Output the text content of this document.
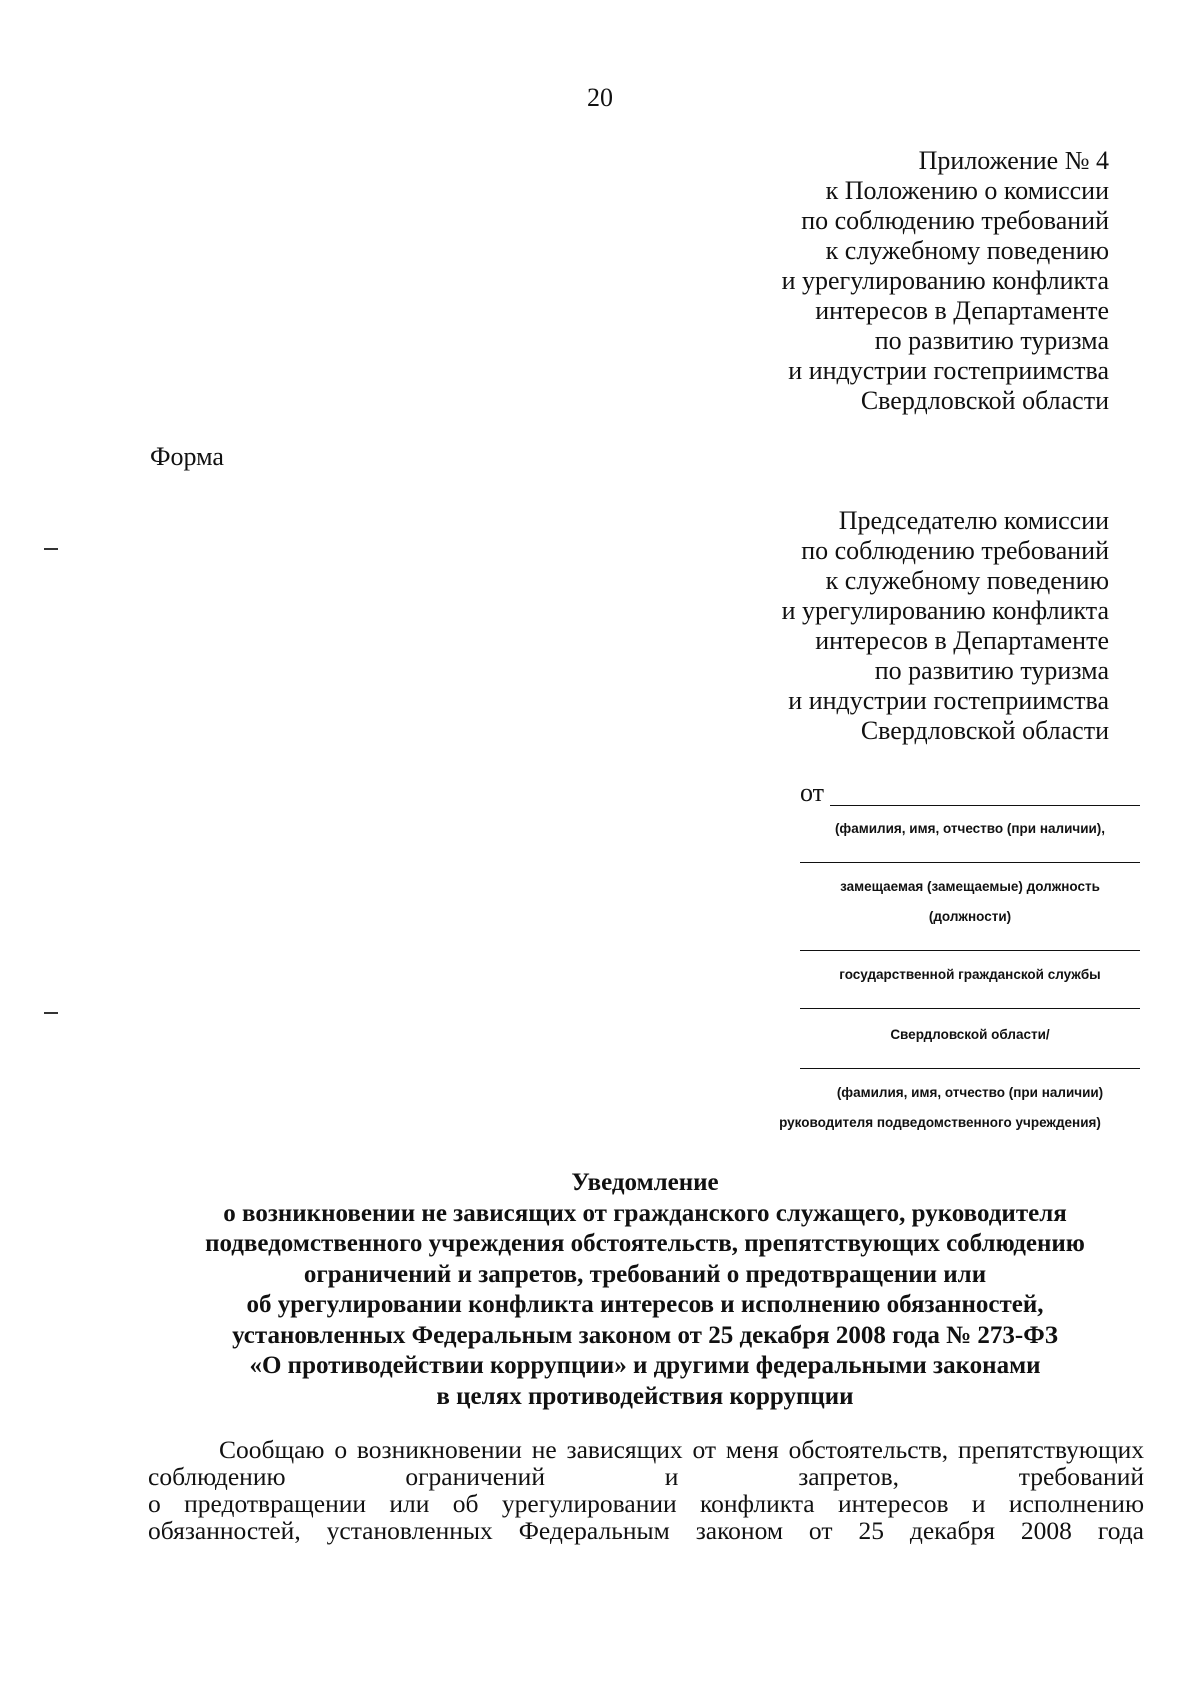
20
Приложение № 4
к Положению о комиссии
по соблюдению требований
к служебному поведению
и урегулированию конфликта
интересов в Департаменте
по развитию туризма
и индустрии гостеприимства
Свердловской области
Форма
Председателю комиссии
по соблюдению требований
к служебному поведению
и урегулированию конфликта
интересов в Департаменте
по развитию туризма
и индустрии гостеприимства
Свердловской области
от
(фамилия, имя, отчество (при наличии),
замещаемая (замещаемые) должность
(должности)
государственной гражданской службы
Свердловской области/
(фамилия, имя, отчество (при наличии)
руководителя подведомственного учреждения)
Уведомление
о возникновении не зависящих от гражданского служащего, руководителя
подведомственного учреждения обстоятельств, препятствующих соблюдению
ограничений и запретов, требований о предотвращении или
об урегулировании конфликта интересов и исполнению обязанностей,
установленных Федеральным законом от 25 декабря 2008 года № 273-ФЗ
«О противодействии коррупции» и другими федеральными законами
в целях противодействия коррупции
Сообщаю о возникновении не зависящих от меня обстоятельств, препятствующих
соблюдению ограничений и запретов, требований
о предотвращении или об урегулировании конфликта интересов и исполнению
обязанностей, установленных Федеральным законом от 25 декабря 2008 года
